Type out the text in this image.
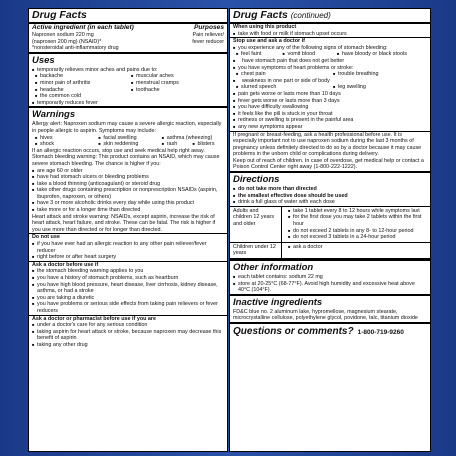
Drug Facts
Active ingredient (in each tablet)	Purposes
Naproxen sodium 220 mg	Pain reliever/
(naproxen 200 mg) (NSAID)*	fever reducer
*nonsteroidal anti-inflammatory drug
Uses
■ temporarily relieves minor aches and pains due to:
■ backache	■ muscular aches
■ minor pain of arthritis	■ menstrual cramps
■ headache	■ toothache
■ the common cold
■ temporarily reduces fever
Warnings
Allergy alert: Naproxen sodium may cause a severe allergic reaction, especially in people allergic to aspirin. Symptoms may include:
■ hives	■ facial swelling	■ asthma (wheezing)
■ shock	■ skin reddening	■ rash	■ blisters
If an allergic reaction occurs, stop use and seek medical help right away.
Stomach bleeding warning: This product contains an NSAID, which may cause severe stomach bleeding. The chance is higher if you:
■ are age 60 or older
■ have had stomach ulcers or bleeding problems
■ take a blood thinning (anticoagulant) or steroid drug
■ take other drugs containing prescription or nonprescription NSAIDs (aspirin, ibuprofen, naproxen, or others)
■ have 3 or more alcoholic drinks every day while using this product
■ take more or for a longer time than directed
Heart attack and stroke warning: NSAIDs, except aspirin, increase the risk of heart attack, heart failure, and stroke. These can be fatal. The risk is higher if you use more than directed or for longer than directed.
Do not use
■ if you have ever had an allergic reaction to any other pain reliever/fever reducer
■ right before or after heart surgery
Ask a doctor before use if
■ the stomach bleeding warning applies to you
■ you have a history of stomach problems, such as heartburn
■ you have high blood pressure, heart disease, liver cirrhosis, kidney disease, asthma, or had a stroke
■ you are taking a diuretic
■ you have problems or serious side effects from taking pain relievers or fever reducers
Ask a doctor or pharmacist before use if you are
■ under a doctor's care for any serious condition
■ taking aspirin for heart attack or stroke, because naproxen may decrease this benefit of aspirin
■ taking any other drug
Drug Facts (continued)
When using this product
■ take with food or milk if stomach upset occurs
Stop use and ask a doctor if
■ you experience any of the following signs of stomach bleeding:
■ feel faint	■ vomit blood	■ have bloody or black stools
■ have stomach pain that does not get better
■ you have symptoms of heart problems or stroke:
■ chest pain	■ trouble breathing
■ weakness in one part or side of body
■ slurred speech	■ leg swelling
■ pain gets worse or lasts more than 10 days
■ fever gets worse or lasts more than 3 days
■ you have difficulty swallowing
■ it feels like the pill is stuck in your throat
■ redness or swelling is present in the painful area
■ any new symptoms appear
If pregnant or breast-feeding, ask a health professional before use. It is especially important not to use naproxen sodium during the last 3 months of pregnancy unless definitely directed to do so by a doctor because it may cause problems in the unborn child or complications during delivery.
Keep out of reach of children. In case of overdose, get medical help or contact a Poison Control Center right away (1-800-222-1222).
Directions
■ do not take more than directed
■ the smallest effective dose should be used
■ drink a full glass of water with each dose
Adults and children 12 years and older
■ take 1 tablet every 8 to 12 hours while symptoms last
■ for the first dose you may take 2 tablets within the first hour
■ do not exceed 2 tablets in any 8- to 12-hour period
■ do not exceed 3 tablets in a 24-hour period
Children under 12 years
■ ask a doctor
Other information
■ each tablet contains: sodium 22 mg
■ store at 20-25°C (68-77°F). Avoid high humidity and excessive heat above 40°C (104°F).
Inactive ingredients
FD&C blue no. 2 aluminum lake, hypromellose, magnesium stearate, microcrystalline cellulose, polyethylene glycol, povidone, talc, titanium dioxide
Questions or comments? 1-800-719-9260
